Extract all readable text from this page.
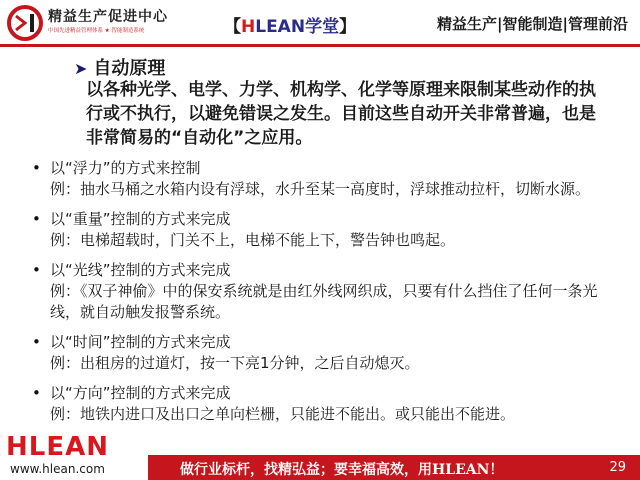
精益生产促进中心
中国先进精益管理体系 ★ 智能制造系统	【HLEAN学堂】	精益生产|智能制造|管理前沿
➤ 自动原理
以各种光学、电学、力学、机构学、化学等原理来限制某些动作的执行或不执行，以避免错误之发生。目前这些自动开关非常普遍，也是非常简易的“自动化”之应用。
• 以“浮力”的方式来控制
例：抽水马桶之水箱内设有浮球，水升至某一高度时，浮球推动拉杆，切断水源。
• 以“重量”控制的方式来完成
例：电梯超载时，门关不上，电梯不能上下，警告钟也鸣起。
• 以“光线”控制的方式来完成
例：《双子神偷》中的保安系统就是由红外线网织成，只要有什么挡住了任何一条光线，就自动触发报警系统。
• 以“时间”控制的方式来完成
例：出租房的过道灯，按一下亮1分钟，之后自动熄灭。
• 以“方向”控制的方式来完成
例：地铁内进口及出口之单向栏栅，只能进不能出。或只能出不能进。
HLEAN
www.hlean.com	做行业标杆，找精弘益；要幸福高效，用HLEAN！	29
